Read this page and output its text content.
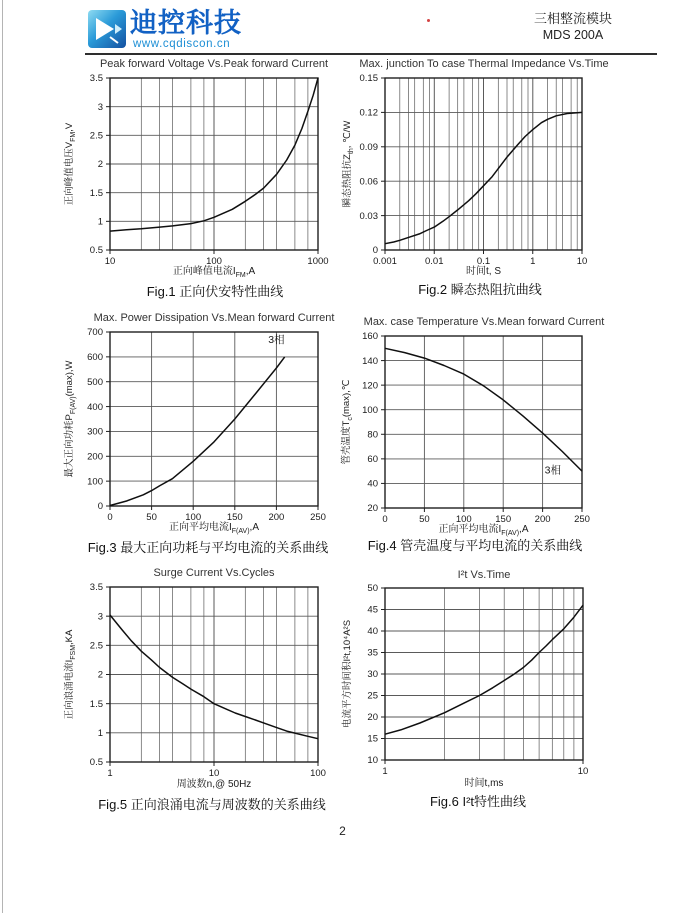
迪控科技
www.cqdiscon.cn
三相整流模块
MDS 200A
Peak forward Voltage Vs.Peak forward Current
10	100	1000
0.5
1
1.5
2
2.5
3
3.5
正向峰值电流$I_{FM},A$
正向峰值电压$V_{FM},V$
Fig.1 正向伏安特性曲线
Max. junction To case Thermal Impedance Vs.Time
0.001	0.01	0.1	1	10
0
0.03
0.06
0.09
0.12
0.15
时间t, S
瞬态热阻抗$Z_{th}$, ℃/W
Fig.2 瞬态热阻抗曲线
Max. Power Dissipation Vs.Mean forward Current
0	50	100	150	200	250
0
100
200
300
400
500
600
700
3相
正向平均电流$I_{F(AV)},A$
最大正向功耗$P_{F(AV)}(\max),W$
Fig.3 最大正向功耗与平均电流的关系曲线
Max. case Temperature Vs.Mean forward Current
0	50	100 150 200 250
20
40
60
80
100
120
140
160
3相
正向平均电流$I_{F(AV)},A$
管壳温度$T_c(\max),℃$
Fig.4 管壳温度与平均电流的关系曲线
Surge Current Vs.Cycles
1	10	100
0.5
1
1.5
2
2.5
3
3.5
周波数n,@ 50Hz
正向浪涌电流$I_{FSM},KA$
Fig.5 正向浪涌电流与周波数的关系曲线
I²t Vs.Time
1	10
10
15
20
25
30
35
40
45
50
时间t,ms
电流平方时间积I²t,10⁴A²S
Fig.6 I²t特性曲线
2
